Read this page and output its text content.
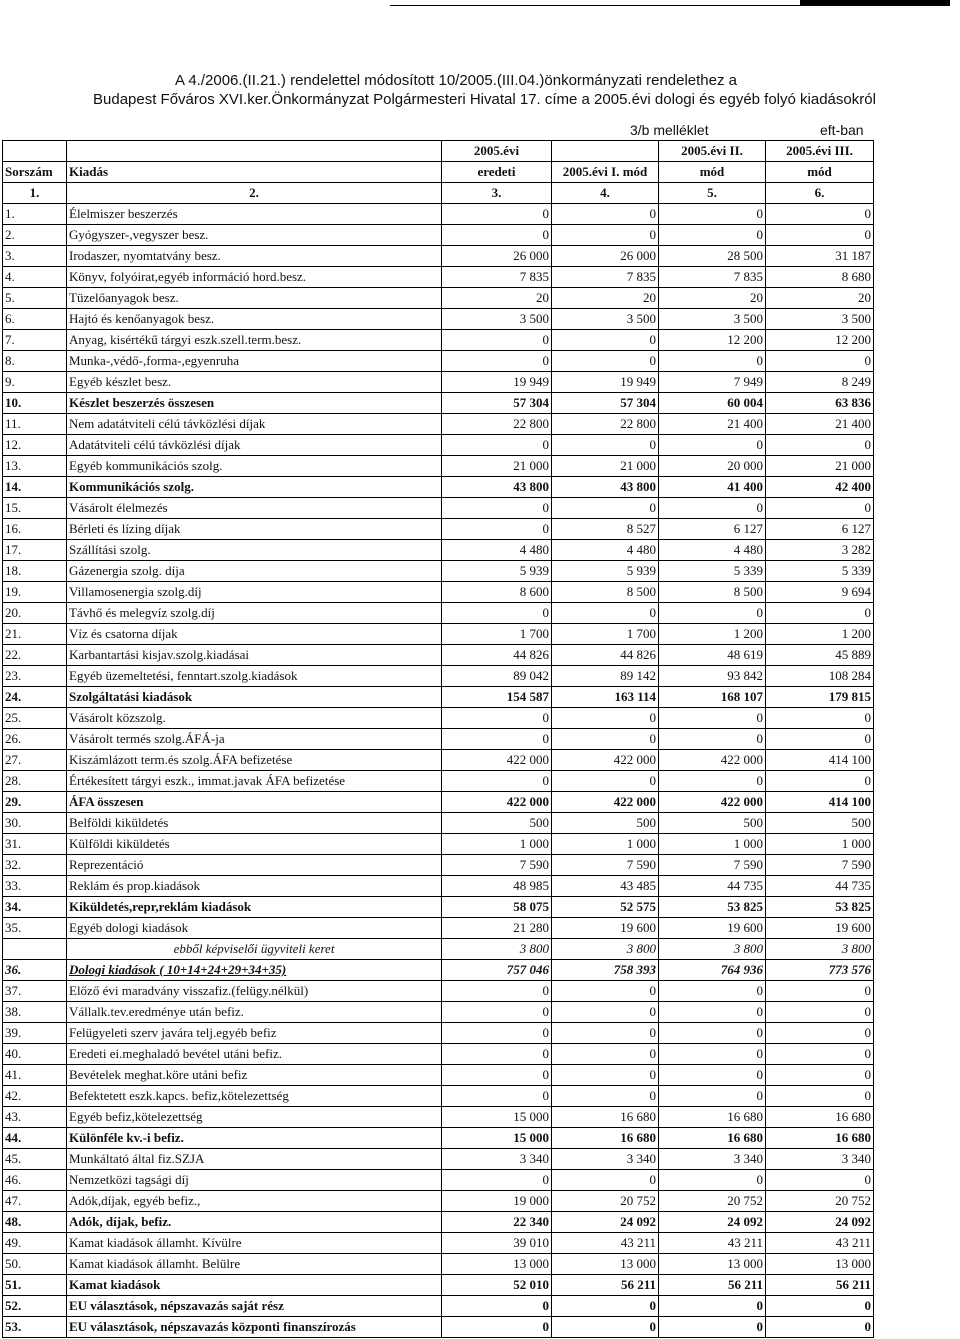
A 4./2006.(II.21.) rendelettel módosított 10/2005.(III.04.)önkormányzati rendelethez a
Budapest Főváros XVI.ker.Önkormányzat Polgármesteri Hivatal 17. címe a 2005.évi dologi és egyéb folyó kiadásokról
3/b melléklet	eft-ban
		2005.évi		2005.évi II.	2005.évi III.
Sorszám	Kiadás	eredeti	2005.évi I. mód	mód	mód
1.	2.	3.	4.	5.	6.
1.	Élelmiszer beszerzés	0	0	0	0
2.	Gyógyszer-,vegyszer besz.	0	0	0	0
3.	Irodaszer, nyomtatvány besz.	26 000	26 000	28 500	31 187
4.	Könyv, folyóirat,egyéb információ hord.besz.	7 835	7 835	7 835	8 680
5.	Tüzelőanyagok besz.	20	20	20	20
6.	Hajtó és kenőanyagok besz.	3 500	3 500	3 500	3 500
7.	Anyag, kisértékű tárgyi eszk.szell.term.besz.	0	0	12 200	12 200
8.	Munka-,védő-,forma-,egyenruha	0	0	0	0
9.	Egyéb készlet besz.	19 949	19 949	7 949	8 249
10.	Készlet beszerzés összesen	57 304	57 304	60 004	63 836
11.	Nem adatátviteli célú távközlési díjak	22 800	22 800	21 400	21 400
12.	Adatátviteli célú távközlési díjak	0	0	0	0
13.	Egyéb kommunikációs szolg.	21 000	21 000	20 000	21 000
14.	Kommunikációs szolg.	43 800	43 800	41 400	42 400
15.	Vásárolt élelmezés	0	0	0	0
16.	Bérleti és lízing díjak	0	8 527	6 127	6 127
17.	Szállítási szolg.	4 480	4 480	4 480	3 282
18.	Gázenergia szolg. díja	5 939	5 939	5 339	5 339
19.	Villamosenergia szolg.díj	8 600	8 500	8 500	9 694
20.	Távhő és melegvíz szolg.díj	0	0	0	0
21.	Víz és csatorna díjak	1 700	1 700	1 200	1 200
22.	Karbantartási kisjav.szolg.kiadásai	44 826	44 826	48 619	45 889
23.	Egyéb üzemeltetési, fenntart.szolg.kiadások	89 042	89 142	93 842	108 284
24.	Szolgáltatási kiadások	154 587	163 114	168 107	179 815
25.	Vásárolt közszolg.	0	0	0	0
26.	Vásárolt termés szolg.ÁFÁ-ja	0	0	0	0
27.	Kiszámlázott term.és szolg.ÁFA befizetése	422 000	422 000	422 000	414 100
28.	Értékesített tárgyi eszk., immat.javak ÁFA befizetése	0	0	0	0
29.	ÁFA összesen	422 000	422 000	422 000	414 100
30.	Belföldi kiküldetés	500	500	500	500
31.	Külföldi kiküldetés	1 000	1 000	1 000	1 000
32.	Reprezentáció	7 590	7 590	7 590	7 590
33.	Reklám és prop.kiadások	48 985	43 485	44 735	44 735
34.	Kiküldetés,repr,reklám kiadások	58 075	52 575	53 825	53 825
35.	Egyéb dologi kiadások	21 280	19 600	19 600	19 600
	ebből képviselői ügyviteli keret	3 800	3 800	3 800	3 800
36.	Dologi kiadások ( 10+14+24+29+34+35)	757 046	758 393	764 936	773 576
37.	Előző évi maradvány visszafiz.(felügy.nélkül)	0	0	0	0
38.	Vállalk.tev.eredménye után befiz.	0	0	0	0
39.	Felügyeleti szerv javára telj.egyéb befiz	0	0	0	0
40.	Eredeti ei.meghaladó bevétel utáni befiz.	0	0	0	0
41.	Bevételek meghat.köre utáni befiz	0	0	0	0
42.	Befektetett eszk.kapcs. befiz,kötelezettség	0	0	0	0
43.	Egyéb befiz,kötelezettség	15 000	16 680	16 680	16 680
44.	Különféle kv.-i befiz.	15 000	16 680	16 680	16 680
45.	Munkáltató által fiz.SZJA	3 340	3 340	3 340	3 340
46.	Nemzetközi tagsági díj	0	0	0	0
47.	Adók,díjak, egyéb befiz.,	19 000	20 752	20 752	20 752
48.	Adók, díjak, befiz.	22 340	24 092	24 092	24 092
49.	Kamat kiadások államht. Kívülre	39 010	43 211	43 211	43 211
50.	Kamat kiadások államht. Belülre	13 000	13 000	13 000	13 000
51.	Kamat kiadások	52 010	56 211	56 211	56 211
52.	EU választások, népszavazás saját rész	0	0	0	0
53.	EU választások, népszavazás központi finanszírozás	0	0	0	0
